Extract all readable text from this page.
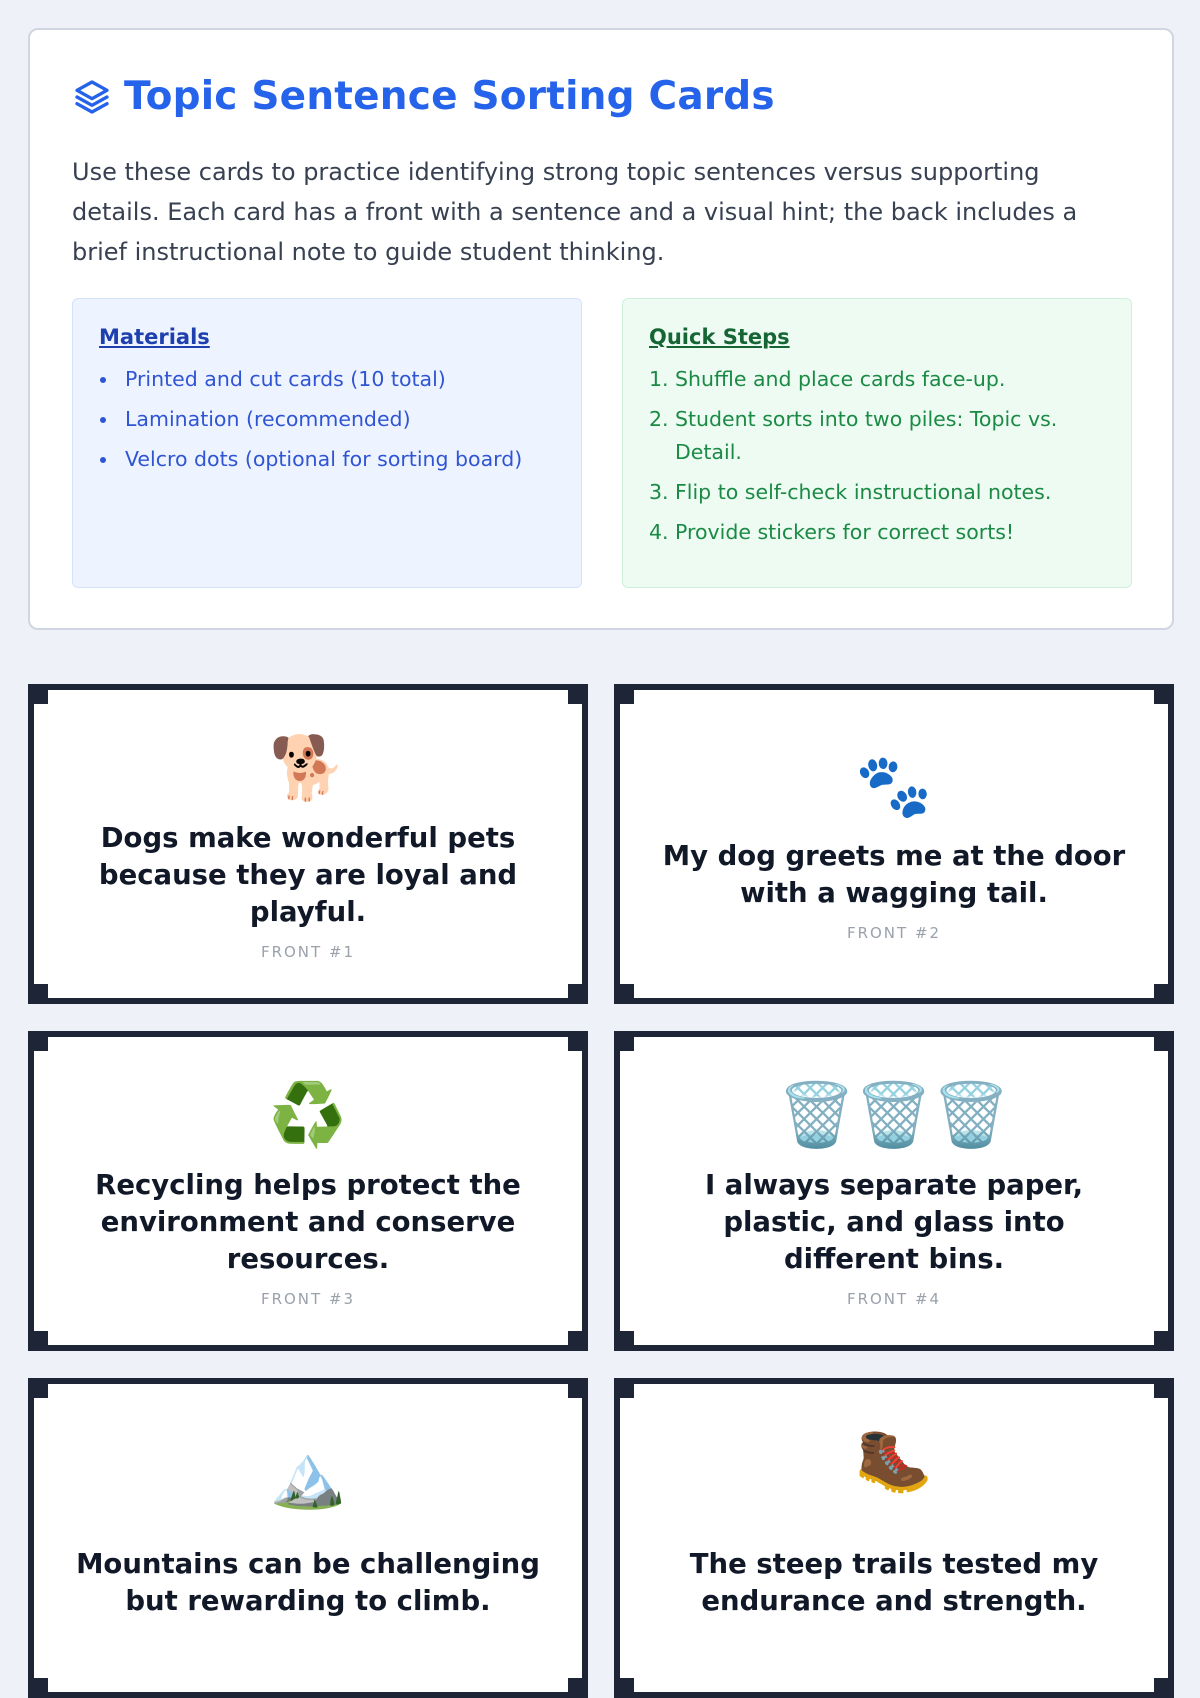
Topic Sentence Sorting Cards

Use these cards to practice identifying strong topic sentences versus supporting details. Each card has a front with a sentence and a visual hint; the back includes a brief instructional note to guide student thinking.

Materials
Printed and cut cards (10 total)
Lamination (recommended)
Velcro dots (optional for sorting board)
Quick Steps
1. Shuffle and place cards face-up.
2. Student sorts into two piles: Topic vs. Detail.
3. Flip to self-check instructional notes.
4. Provide stickers for correct sorts!
🐕
Dogs make wonderful pets because they are loyal and playful.
FRONT #1
🐾
My dog greets me at the door with a wagging tail.
FRONT #2
♻️
Recycling helps protect the environment and conserve resources.
FRONT #3
🗑️🗑️🗑️
I always separate paper, plastic, and glass into different bins.
FRONT #4
🏔️
Mountains can be challenging but rewarding to climb.
🥾
The steep trails tested my endurance and strength.
